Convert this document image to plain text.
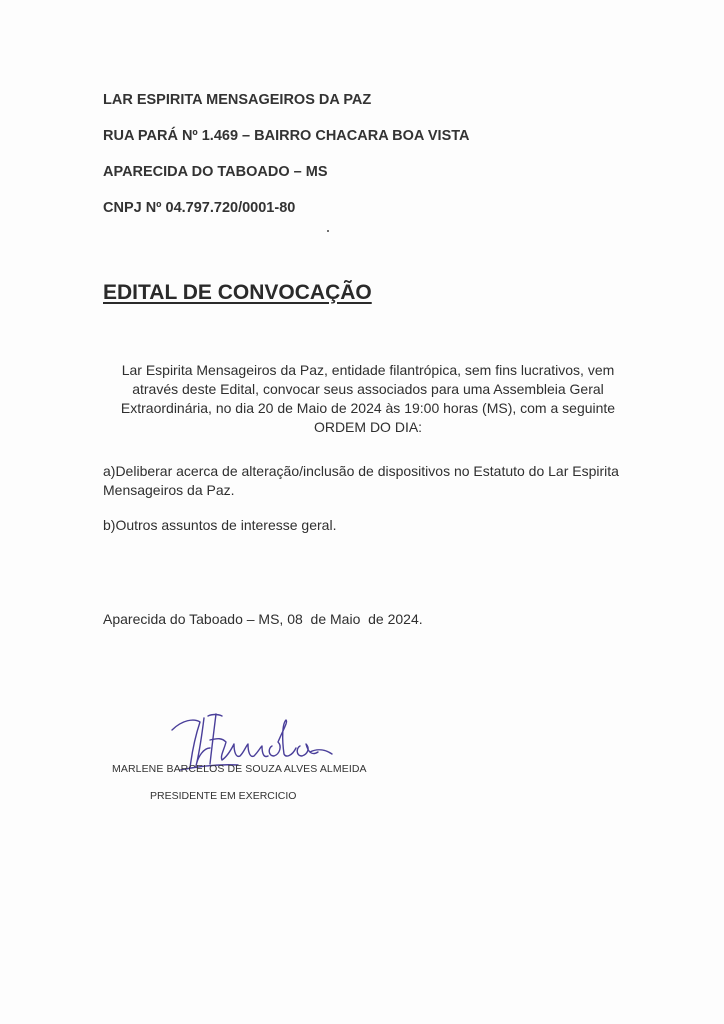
LAR ESPIRITA MENSAGEIROS DA PAZ
RUA PARÁ Nº 1.469 – BAIRRO CHACARA BOA VISTA
APARECIDA DO TABOADO – MS
CNPJ Nº 04.797.720/0001-80
EDITAL DE CONVOCAÇÃO
Lar Espirita Mensageiros da Paz, entidade filantrópica, sem fins lucrativos, vem através deste Edital, convocar seus associados para uma Assembleia Geral Extraordinária, no dia 20 de Maio de 2024 às 19:00 horas (MS), com a seguinte ORDEM DO DIA:
a)Deliberar acerca de alteração/inclusão de dispositivos no Estatuto do Lar Espirita Mensageiros da Paz.
b)Outros assuntos de interesse geral.
Aparecida do Taboado – MS, 08  de Maio  de 2024.
MARLENE BARCELOS DE SOUZA ALVES ALMEIDA
PRESIDENTE EM EXERCICIO
